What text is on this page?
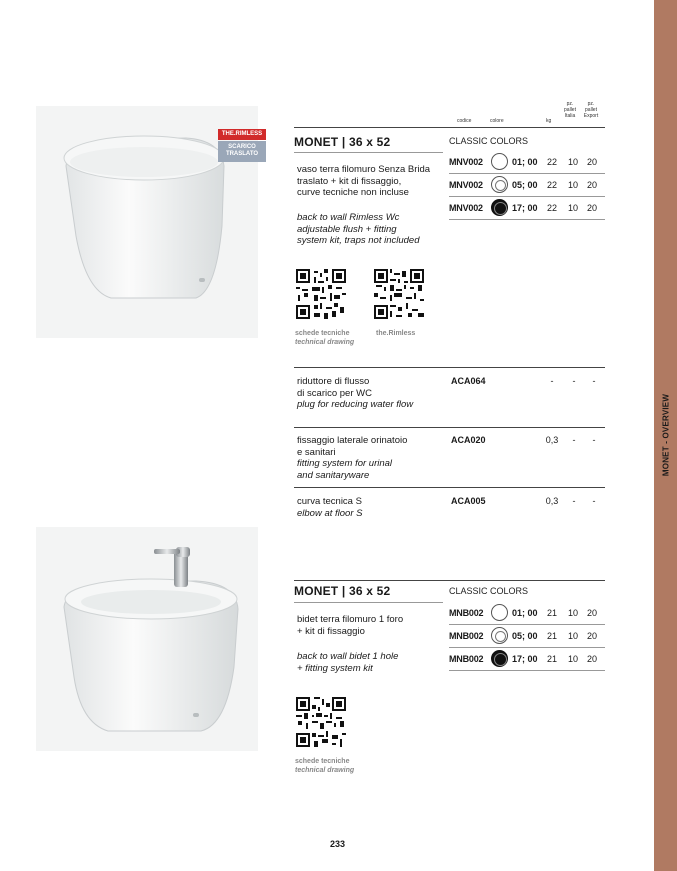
MONET - OVERVIEW
THE.RIMLESS
SCARICO
TRASLATO
codice	colore	kg
pz.
pallet
Italia
pz.
pallet
Export
MONET | 36 x 52	CLASSIC COLORS
vaso terra filomuro Senza Brida
traslato + kit di fissaggio,
curve tecniche non incluse
back to wall Rimless Wc
adjustable flush + fitting
system kit, traps not included
MNV002	01; 00	22	10 20
MNV002	05; 00	22	10 20
MNV002	17; 00	22	10 20
schede tecniche
technical drawing
the.Rimless
riduttore di flusso
di scarico per WC
plug for reducing water flow
ACA064	-	-	-
fissaggio laterale orinatoio
e sanitari
fitting system for urinal
and sanitaryware
ACA020	0,3	-	-
curva tecnica S
elbow at floor S
ACA005	0,3	-	-
MONET | 36 x 52	CLASSIC COLORS
bidet terra filomuro 1 foro
+ kit di fissaggio
back to wall bidet 1 hole
+ fitting system kit
MNB002	01; 00	21	10 20
MNB002	05; 00	21	10 20
MNB002	17; 00	21	10 20
schede tecniche
technical drawing
233
